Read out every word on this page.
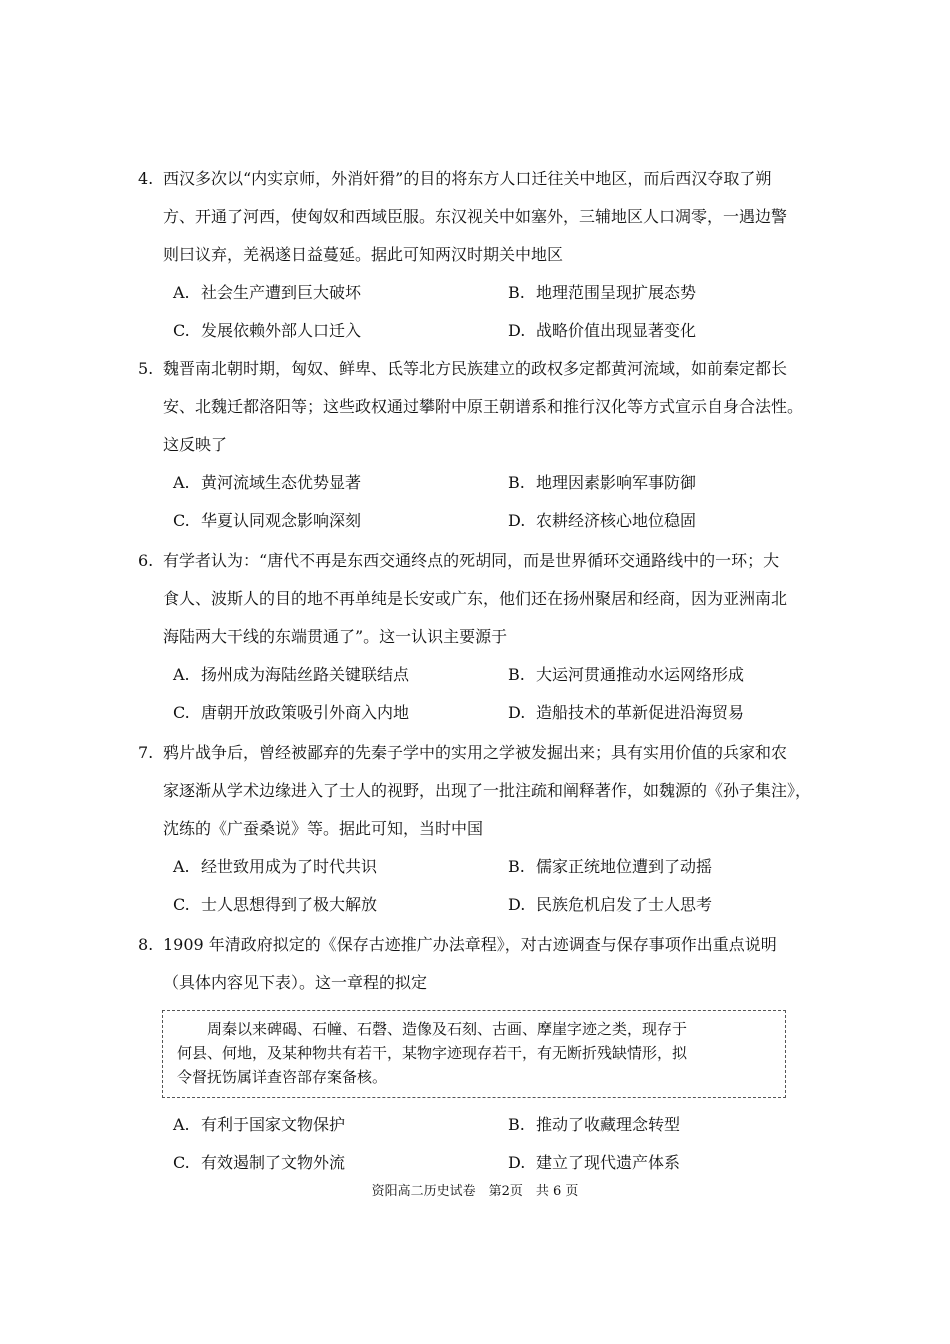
4. 西汉多次以“内实京师，外消奸猾”的目的将东方人口迁往关中地区，而后西汉夺取了朔
方、开通了河西，使匈奴和西域臣服。东汉视关中如塞外，三辅地区人口凋零，一遇边警
则曰议弃，羌祸遂日益蔓延。据此可知两汉时期关中地区
A. 社会生产遭到巨大破坏	B. 地理范围呈现扩展态势
C. 发展依赖外部人口迁入	D. 战略价值出现显著变化
5. 魏晋南北朝时期，匈奴、鲜卑、氐等北方民族建立的政权多定都黄河流域，如前秦定都长
安、北魏迁都洛阳等；这些政权通过攀附中原王朝谱系和推行汉化等方式宣示自身合法性。
这反映了
A. 黄河流域生态优势显著	B. 地理因素影响军事防御
C. 华夏认同观念影响深刻	D. 农耕经济核心地位稳固
6. 有学者认为：“唐代不再是东西交通终点的死胡同，而是世界循环交通路线中的一环；大
食人、波斯人的目的地不再单纯是长安或广东，他们还在扬州聚居和经商，因为亚洲南北
海陆两大干线的东端贯通了”。这一认识主要源于
A. 扬州成为海陆丝路关键联结点	B. 大运河贯通推动水运网络形成
C. 唐朝开放政策吸引外商入内地	D. 造船技术的革新促进沿海贸易
7. 鸦片战争后，曾经被鄙弃的先秦子学中的实用之学被发掘出来；具有实用价值的兵家和农
家逐渐从学术边缘进入了士人的视野，出现了一批注疏和阐释著作，如魏源的《孙子集注》，
沈练的《广蚕桑说》等。据此可知，当时中国
A. 经世致用成为了时代共识	B. 儒家正统地位遭到了动摇
C. 士人思想得到了极大解放	D. 民族危机启发了士人思考
8. 1909 年清政府拟定的《保存古迹推广办法章程》，对古迹调查与保存事项作出重点说明
（具体内容见下表）。这一章程的拟定
　　周秦以来碑碣、石幢、石磬、造像及石刻、古画、摩崖字迹之类，现存于
何县、何地，及某种物共有若干，某物字迹现存若干，有无断折残缺情形，拟
令督抚饬属详查咨部存案备核。
A. 有利于国家文物保护	B. 推动了收藏理念转型
C. 有效遏制了文物外流	D. 建立了现代遗产体系
资阳高二历史试卷　第2页　共 6 页
